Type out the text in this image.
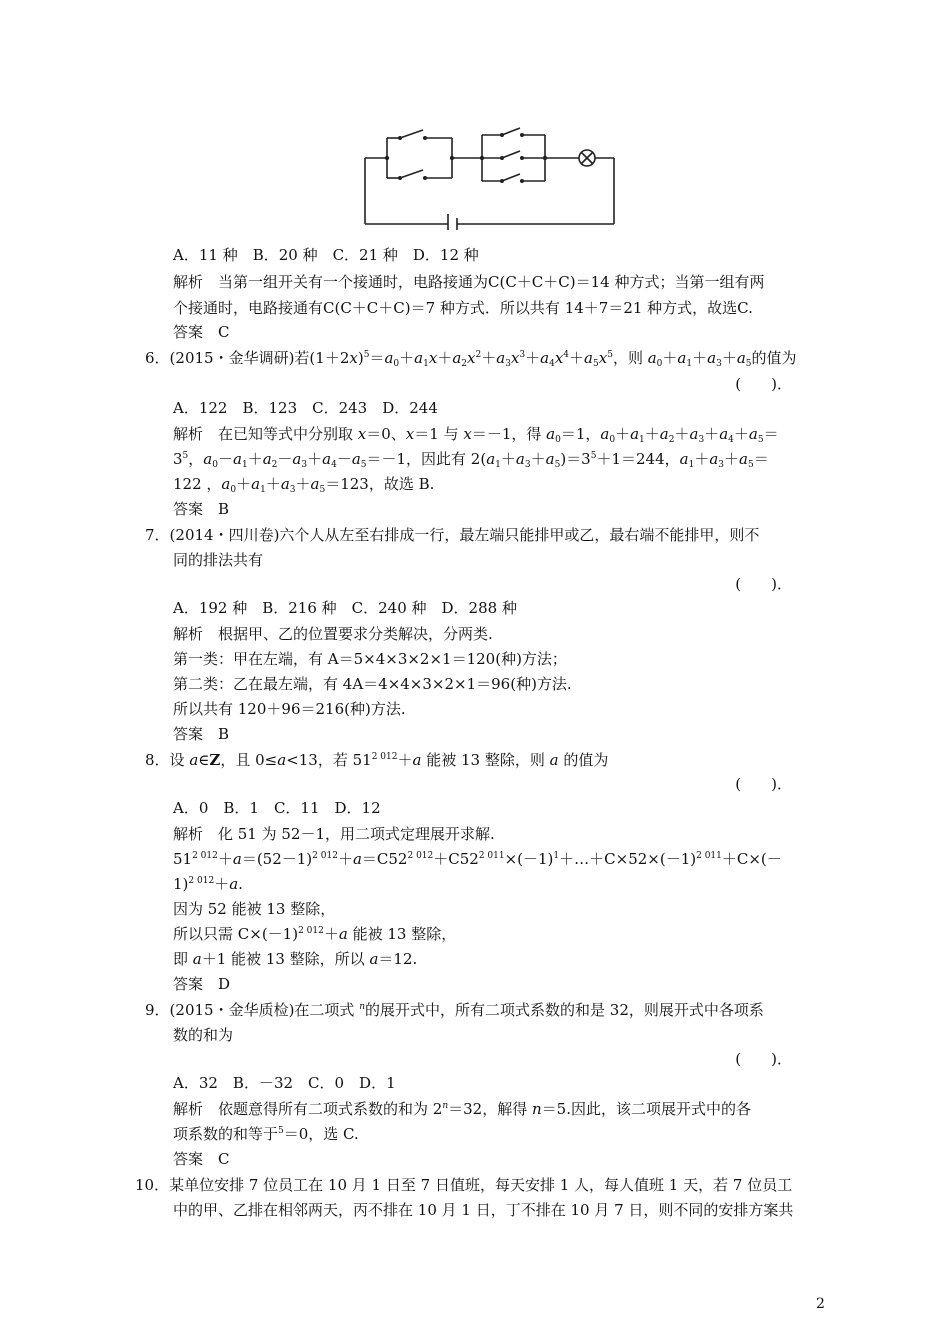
A．11 种　B．20 种　C．21 种　D．12 种
解析　当第一组开关有一个接通时，电路接通为C(C＋C＋C)＝14 种方式；当第一组有两
个接通时，电路接通有C(C＋C＋C)＝7 种方式．所以共有 14＋7＝21 种方式，故选C.
答案　C
6．(2015・金华调研)若$(1+2x)^5=a_0+a_1x+a_2x^2+a_3x^3+a_4x^4+a_5x^5$，则 $a_0+a_1+a_3+a_5$的值为
(　　)．
A．122　B．123　C．243　D．244
解析　在已知等式中分别取 x＝0、x＝1 与 x＝－1，得 $a_0=1$，$a_0+a_1+a_2+a_3+a_4+a_5=$
$3^5$，$a_0-a_1+a_2-a_3+a_4-a_5=-1$，因此有 $2(a_1+a_3+a_5)=3^5+1=244$，$a_1+a_3+a_5=$
122 ，$a_0+a_1+a_3+a_5=123$，故选 B.
答案　B
7．(2014・四川卷)六个人从左至右排成一行，最左端只能排甲或乙，最右端不能排甲，则不
同的排法共有
(　　)．
A．192 种　B．216 种　C．240 种　D．288 种
解析　根据甲、乙的位置要求分类解决，分两类.
第一类：甲在左端，有 A＝5×4×3×2×1＝120(种)方法；
第二类：乙在最左端，有 4A＝4×4×3×2×1＝96(种)方法.
所以共有 120＋96＝216(种)方法.
答案　B
8．设 a∈Z，且 0≤a<13，若 $51^{2 012}+a$ 能被 13 整除，则 a 的值为
(　　)．
A．0　B．1　C．11　D．12
解析　化 51 为 52－1，用二项式定理展开求解.
$51^{2 012}+a=(52-1)^{2 012}+a=C52^{2 012}+C52^{2 011}\times(-1)^1+\dots+C\times 52\times(-1)^{2 011}+C\times(-$
1)$^{2 012}$＋a.
因为 52 能被 13 整除，
所以只需 $C\times(-1)^{2 012}+a$ 能被 13 整除，
即 a＋1 能被 13 整除，所以 a＝12.
答案　D
9．(2015・金华质检)在二项式 $^n$的展开式中，所有二项式系数的和是 32，则展开式中各项系
数的和为
(　　)．
A．32　B．－32　C．0　D．1
解析　依题意得所有二项式系数的和为 $2^n=32$，解得 n＝5.因此，该二项展开式中的各
项系数的和等于$^5$＝0，选 C.
答案　C
10．某单位安排 7 位员工在 10 月 1 日至 7 日值班，每天安排 1 人，每人值班 1 天，若 7 位员工
中的甲、乙排在相邻两天，丙不排在 10 月 1 日，丁不排在 10 月 7 日，则不同的安排方案共
2
